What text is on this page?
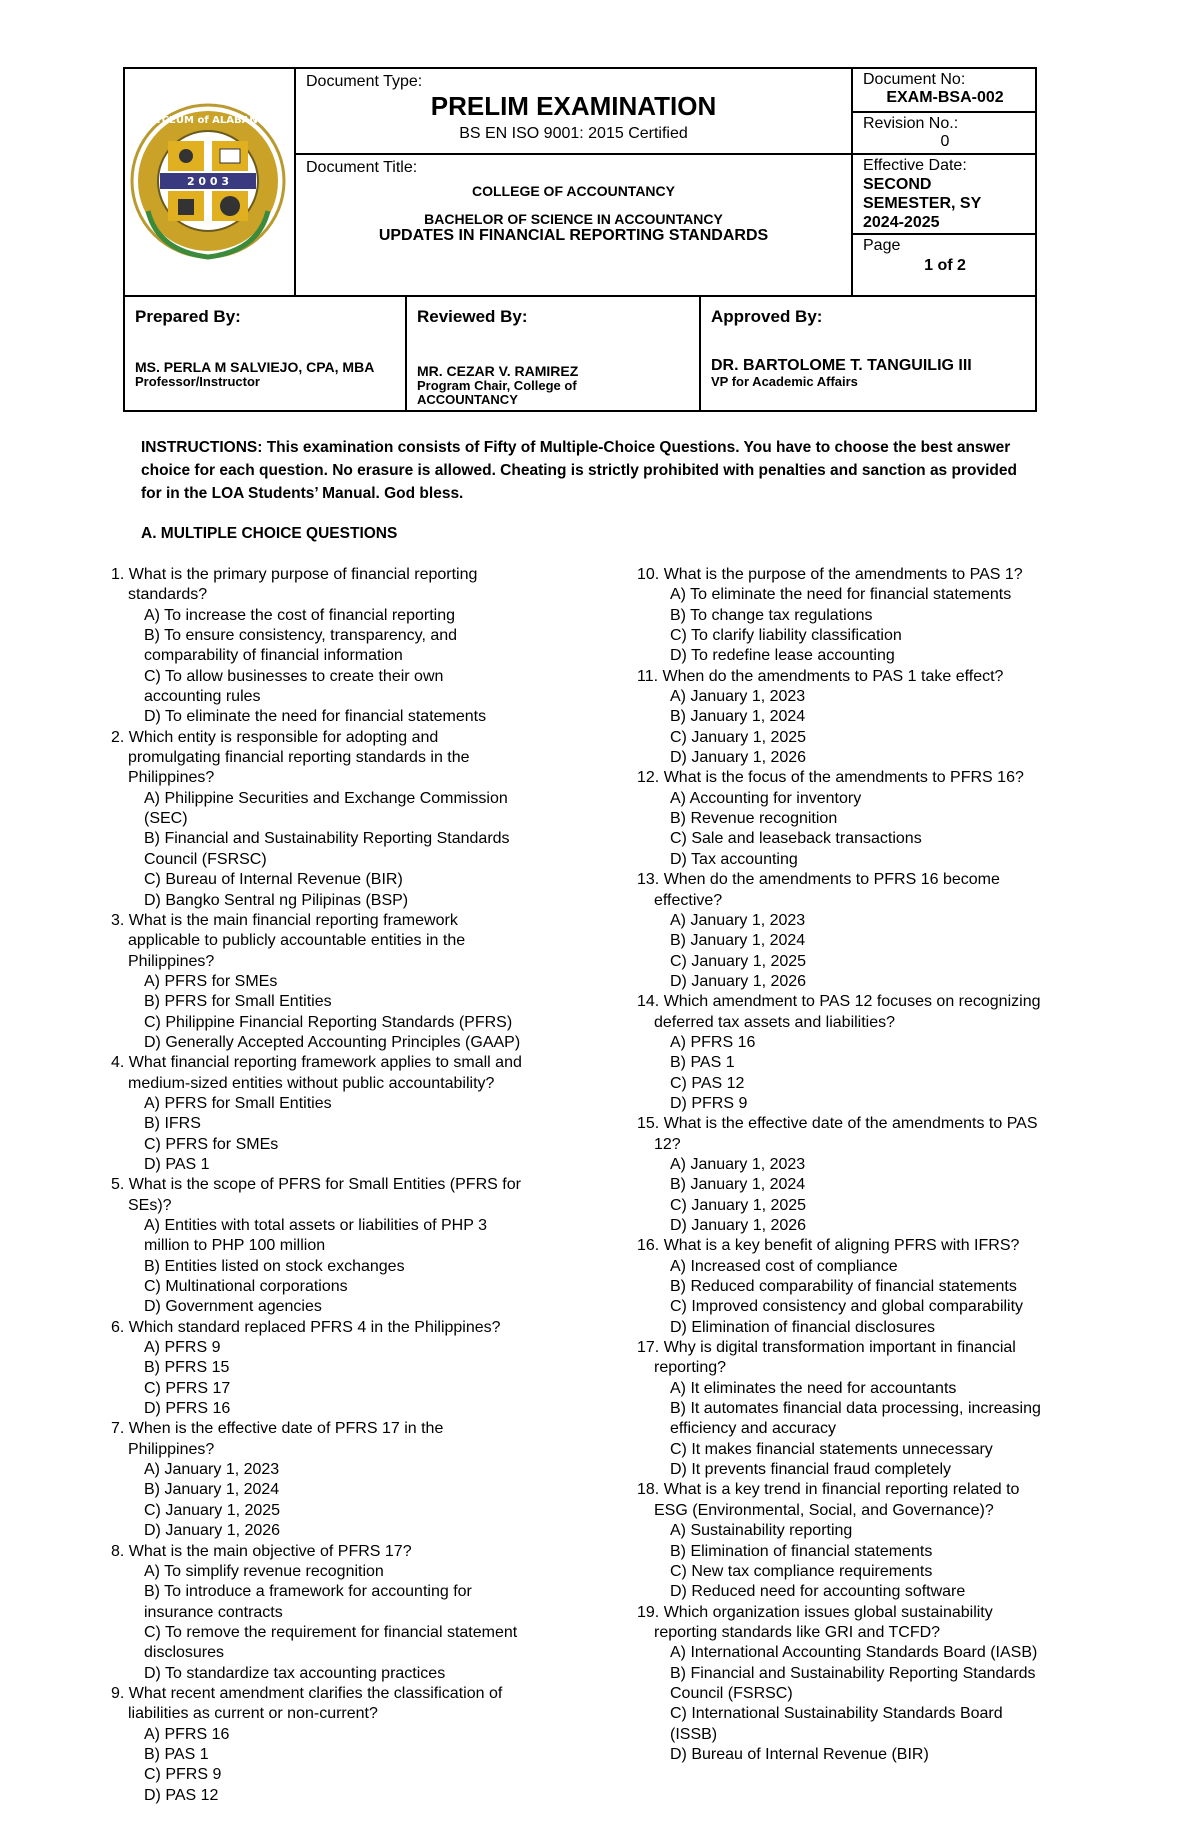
2 0 0 3
LYCEUM of ALABANG
Document Type:
PRELIM EXAMINATION
BS EN ISO 9001: 2015 Certified
Document Title:
COLLEGE OF ACCOUNTANCY
BACHELOR OF SCIENCE IN ACCOUNTANCY
UPDATES IN FINANCIAL REPORTING STANDARDS
Document No:
EXAM-BSA-002
Revision No.:
0
Effective Date:
SECOND
SEMESTER, SY
2024-2025
Page
1 of 2
Prepared By:
MS. PERLA M SALVIEJO, CPA, MBA
Professor/Instructor
Reviewed By:
MR. CEZAR V. RAMIREZ
Program Chair, College of
ACCOUNTANCY
Approved By:
DR. BARTOLOME T. TANGUILIG III
VP for Academic Affairs
INSTRUCTIONS: This examination consists of Fifty of Multiple-Choice Questions. You have to choose the best answer choice for each question. No erasure is allowed. Cheating is strictly prohibited with penalties and sanction as provided for in the LOA Students’ Manual. God bless.
A. MULTIPLE CHOICE QUESTIONS
1. What is the primary purpose of financial reporting
standards?
A) To increase the cost of financial reporting
B) To ensure consistency, transparency, and
comparability of financial information
C) To allow businesses to create their own
accounting rules
D) To eliminate the need for financial statements
2. Which entity is responsible for adopting and
promulgating financial reporting standards in the
Philippines?
A) Philippine Securities and Exchange Commission
(SEC)
B) Financial and Sustainability Reporting Standards
Council (FSRSC)
C) Bureau of Internal Revenue (BIR)
D) Bangko Sentral ng Pilipinas (BSP)
3. What is the main financial reporting framework
applicable to publicly accountable entities in the
Philippines?
A) PFRS for SMEs
B) PFRS for Small Entities
C) Philippine Financial Reporting Standards (PFRS)
D) Generally Accepted Accounting Principles (GAAP)
4. What financial reporting framework applies to small and
medium-sized entities without public accountability?
A) PFRS for Small Entities
B) IFRS
C) PFRS for SMEs
D) PAS 1
5. What is the scope of PFRS for Small Entities (PFRS for
SEs)?
A) Entities with total assets or liabilities of PHP 3
million to PHP 100 million
B) Entities listed on stock exchanges
C) Multinational corporations
D) Government agencies
6. Which standard replaced PFRS 4 in the Philippines?
A) PFRS 9
B) PFRS 15
C) PFRS 17
D) PFRS 16
7. When is the effective date of PFRS 17 in the
Philippines?
A) January 1, 2023
B) January 1, 2024
C) January 1, 2025
D) January 1, 2026
8. What is the main objective of PFRS 17?
A) To simplify revenue recognition
B) To introduce a framework for accounting for
insurance contracts
C) To remove the requirement for financial statement
disclosures
D) To standardize tax accounting practices
9. What recent amendment clarifies the classification of
liabilities as current or non-current?
A) PFRS 16
B) PAS 1
C) PFRS 9
D) PAS 12
10. What is the purpose of the amendments to PAS 1?
A) To eliminate the need for financial statements
B) To change tax regulations
C) To clarify liability classification
D) To redefine lease accounting
11. When do the amendments to PAS 1 take effect?
A) January 1, 2023
B) January 1, 2024
C) January 1, 2025
D) January 1, 2026
12. What is the focus of the amendments to PFRS 16?
A) Accounting for inventory
B) Revenue recognition
C) Sale and leaseback transactions
D) Tax accounting
13. When do the amendments to PFRS 16 become
effective?
A) January 1, 2023
B) January 1, 2024
C) January 1, 2025
D) January 1, 2026
14. Which amendment to PAS 12 focuses on recognizing
deferred tax assets and liabilities?
A) PFRS 16
B) PAS 1
C) PAS 12
D) PFRS 9
15. What is the effective date of the amendments to PAS
12?
A) January 1, 2023
B) January 1, 2024
C) January 1, 2025
D) January 1, 2026
16. What is a key benefit of aligning PFRS with IFRS?
A) Increased cost of compliance
B) Reduced comparability of financial statements
C) Improved consistency and global comparability
D) Elimination of financial disclosures
17. Why is digital transformation important in financial
reporting?
A) It eliminates the need for accountants
B) It automates financial data processing, increasing
efficiency and accuracy
C) It makes financial statements unnecessary
D) It prevents financial fraud completely
18. What is a key trend in financial reporting related to
ESG (Environmental, Social, and Governance)?
A) Sustainability reporting
B) Elimination of financial statements
C) New tax compliance requirements
D) Reduced need for accounting software
19. Which organization issues global sustainability
reporting standards like GRI and TCFD?
A) International Accounting Standards Board (IASB)
B) Financial and Sustainability Reporting Standards
Council (FSRSC)
C) International Sustainability Standards Board
(ISSB)
D) Bureau of Internal Revenue (BIR)
